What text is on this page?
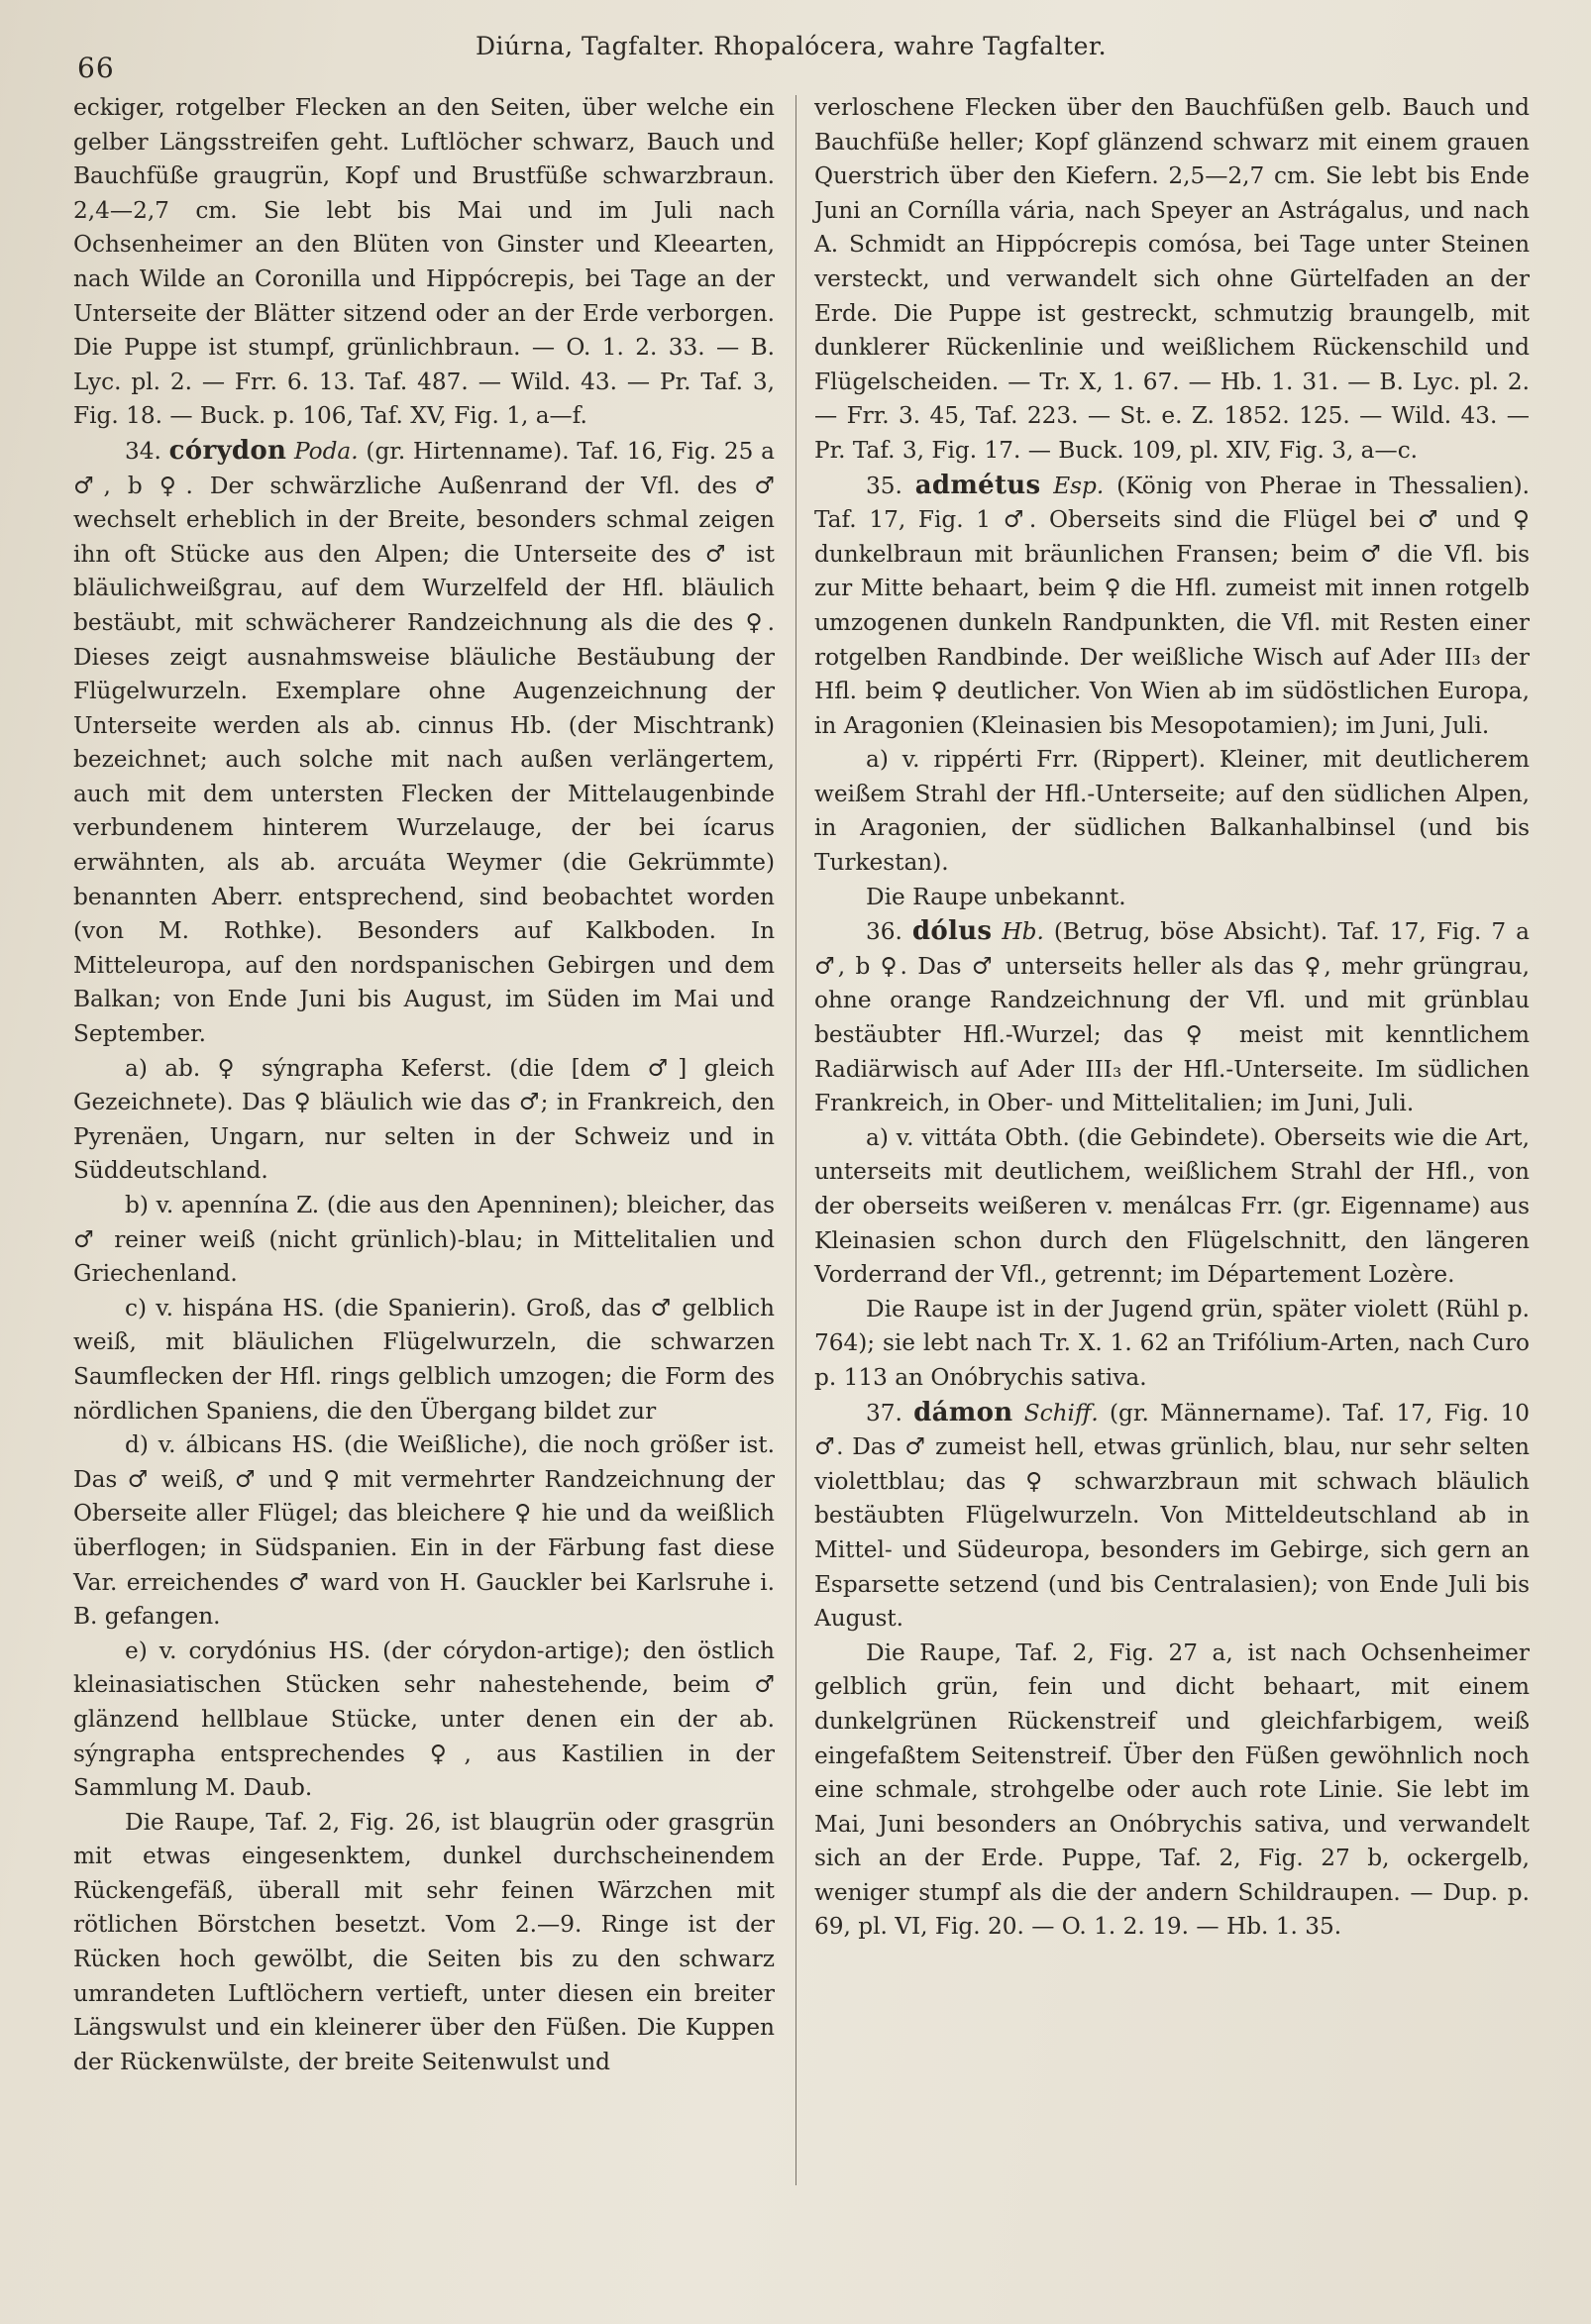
66
Diúrna, Tagfalter. Rhopalócera, wahre Tagfalter.

eckiger, rotgelber Flecken an den Seiten, über welche ein gelber Längsstreifen geht. Luftlöcher schwarz, Bauch und Bauchfüße graugrün, Kopf und Brustfüße schwarzbraun. 2,4—2,7 cm. Sie lebt bis Mai und im Juli nach Ochsenheimer an den Blüten von Ginster und Kleearten, nach Wilde an Coronilla und Hippócrepis, bei Tage an der Unterseite der Blätter sitzend oder an der Erde verborgen. Die Puppe ist stumpf, grünlichbraun. — O. 1. 2. 33. — B. Lyc. pl. 2. — Frr. 6. 13. Taf. 487. — Wild. 43. — Pr. Taf. 3, Fig. 18. — Buck. p. 106, Taf. XV, Fig. 1, a—f.

34. córydon Poda. (gr. Hirtenname). Taf. 16, Fig. 25 a ♂, b ♀. Der schwärzliche Außenrand der Vfl. des ♂ wechselt erheblich in der Breite, besonders schmal zeigen ihn oft Stücke aus den Alpen; die Unterseite des ♂ ist bläulichweißgrau, auf dem Wurzelfeld der Hfl. bläulich bestäubt, mit schwächerer Randzeichnung als die des ♀. Dieses zeigt ausnahmsweise bläuliche Bestäubung der Flügelwurzeln. Exemplare ohne Augenzeichnung der Unterseite werden als ab. cinnus Hb. (der Mischtrank) bezeichnet; auch solche mit nach außen verlängertem, auch mit dem untersten Flecken der Mittelaugenbinde verbundenem hinterem Wurzelauge, der bei ícarus erwähnten, als ab. arcuáta Weymer (die Gekrümmte) benannten Aberr. entsprechend, sind beobachtet worden (von M. Rothke). Besonders auf Kalkboden. In Mitteleuropa, auf den nordspanischen Gebirgen und dem Balkan; von Ende Juni bis August, im Süden im Mai und September.

a) ab. ♀ sýngrapha Keferst. (die [dem ♂] gleich Gezeichnete). Das ♀ bläulich wie das ♂; in Frankreich, den Pyrenäen, Ungarn, nur selten in der Schweiz und in Süddeutschland.

b) v. apennína Z. (die aus den Apenninen); bleicher, das ♂ reiner weiß (nicht grünlich)-blau; in Mittelitalien und Griechenland.

c) v. hispána HS. (die Spanierin). Groß, das ♂ gelblich weiß, mit bläulichen Flügelwurzeln, die schwarzen Saumflecken der Hfl. rings gelblich umzogen; die Form des nördlichen Spaniens, die den Übergang bildet zur

d) v. álbicans HS. (die Weißliche), die noch größer ist. Das ♂ weiß, ♂ und ♀ mit vermehrter Randzeichnung der Oberseite aller Flügel; das bleichere ♀ hie und da weißlich überflogen; in Südspanien. Ein in der Färbung fast diese Var. erreichendes ♂ ward von H. Gauckler bei Karlsruhe i. B. gefangen.

e) v. corydónius HS. (der córydon-artige); den östlich kleinasiatischen Stücken sehr nahestehende, beim ♂ glänzend hellblaue Stücke, unter denen ein der ab. sýngrapha entsprechendes ♀, aus Kastilien in der Sammlung M. Daub.

Die Raupe, Taf. 2, Fig. 26, ist blaugrün oder grasgrün mit etwas eingesenktem, dunkel durchscheinendem Rückengefäß, überall mit sehr feinen Wärzchen mit rötlichen Börstchen besetzt. Vom 2.—9. Ringe ist der Rücken hoch gewölbt, die Seiten bis zu den schwarz umrandeten Luftlöchern vertieft, unter diesen ein breiter Längswulst und ein kleinerer über den Füßen. Die Kuppen der Rückenwülste, der breite Seitenwulst und

verloschene Flecken über den Bauchfüßen gelb. Bauch und Bauchfüße heller; Kopf glänzend schwarz mit einem grauen Querstrich über den Kiefern. 2,5—2,7 cm. Sie lebt bis Ende Juni an Cornílla vária, nach Speyer an Astrágalus, und nach A. Schmidt an Hippócrepis comósa, bei Tage unter Steinen versteckt, und verwandelt sich ohne Gürtelfaden an der Erde. Die Puppe ist gestreckt, schmutzig braungelb, mit dunklerer Rückenlinie und weißlichem Rückenschild und Flügelscheiden. — Tr. X, 1. 67. — Hb. 1. 31. — B. Lyc. pl. 2. — Frr. 3. 45, Taf. 223. — St. e. Z. 1852. 125. — Wild. 43. — Pr. Taf. 3, Fig. 17. — Buck. 109, pl. XIV, Fig. 3, a—c.

35. admétus Esp. (König von Pherae in Thessalien). Taf. 17, Fig. 1 ♂. Oberseits sind die Flügel bei ♂ und ♀ dunkelbraun mit bräunlichen Fransen; beim ♂ die Vfl. bis zur Mitte behaart, beim ♀ die Hfl. zumeist mit innen rotgelb umzogenen dunkeln Randpunkten, die Vfl. mit Resten einer rotgelben Randbinde. Der weißliche Wisch auf Ader III₃ der Hfl. beim ♀ deutlicher. Von Wien ab im südöstlichen Europa, in Aragonien (Kleinasien bis Mesopotamien); im Juni, Juli.

a) v. rippérti Frr. (Rippert). Kleiner, mit deutlicherem weißem Strahl der Hfl.-Unterseite; auf den südlichen Alpen, in Aragonien, der südlichen Balkanhalbinsel (und bis Turkestan).

Die Raupe unbekannt.

36. dólus Hb. (Betrug, böse Absicht). Taf. 17, Fig. 7 a ♂, b ♀. Das ♂ unterseits heller als das ♀, mehr grüngrau, ohne orange Randzeichnung der Vfl. und mit grünblau bestäubter Hfl.-Wurzel; das ♀ meist mit kenntlichem Radiärwisch auf Ader III₃ der Hfl.-Unterseite. Im südlichen Frankreich, in Ober- und Mittelitalien; im Juni, Juli.

a) v. vittáta Obth. (die Gebindete). Oberseits wie die Art, unterseits mit deutlichem, weißlichem Strahl der Hfl., von der oberseits weißeren v. menálcas Frr. (gr. Eigenname) aus Kleinasien schon durch den Flügelschnitt, den längeren Vorderrand der Vfl., getrennt; im Département Lozère.

Die Raupe ist in der Jugend grün, später violett (Rühl p. 764); sie lebt nach Tr. X. 1. 62 an Trifólium-Arten, nach Curo p. 113 an Onóbrychis sativa.

37. dámon Schiff. (gr. Männername). Taf. 17, Fig. 10 ♂. Das ♂ zumeist hell, etwas grünlich, blau, nur sehr selten violettblau; das ♀ schwarzbraun mit schwach bläulich bestäubten Flügelwurzeln. Von Mitteldeutschland ab in Mittel- und Südeuropa, besonders im Gebirge, sich gern an Esparsette setzend (und bis Centralasien); von Ende Juli bis August.

Die Raupe, Taf. 2, Fig. 27 a, ist nach Ochsenheimer gelblich grün, fein und dicht behaart, mit einem dunkelgrünen Rückenstreif und gleichfarbigem, weiß eingefaßtem Seitenstreif. Über den Füßen gewöhnlich noch eine schmale, strohgelbe oder auch rote Linie. Sie lebt im Mai, Juni besonders an Onóbrychis sativa, und verwandelt sich an der Erde. Puppe, Taf. 2, Fig. 27 b, ockergelb, weniger stumpf als die der andern Schildraupen. — Dup. p. 69, pl. VI, Fig. 20. — O. 1. 2. 19. — Hb. 1. 35.
